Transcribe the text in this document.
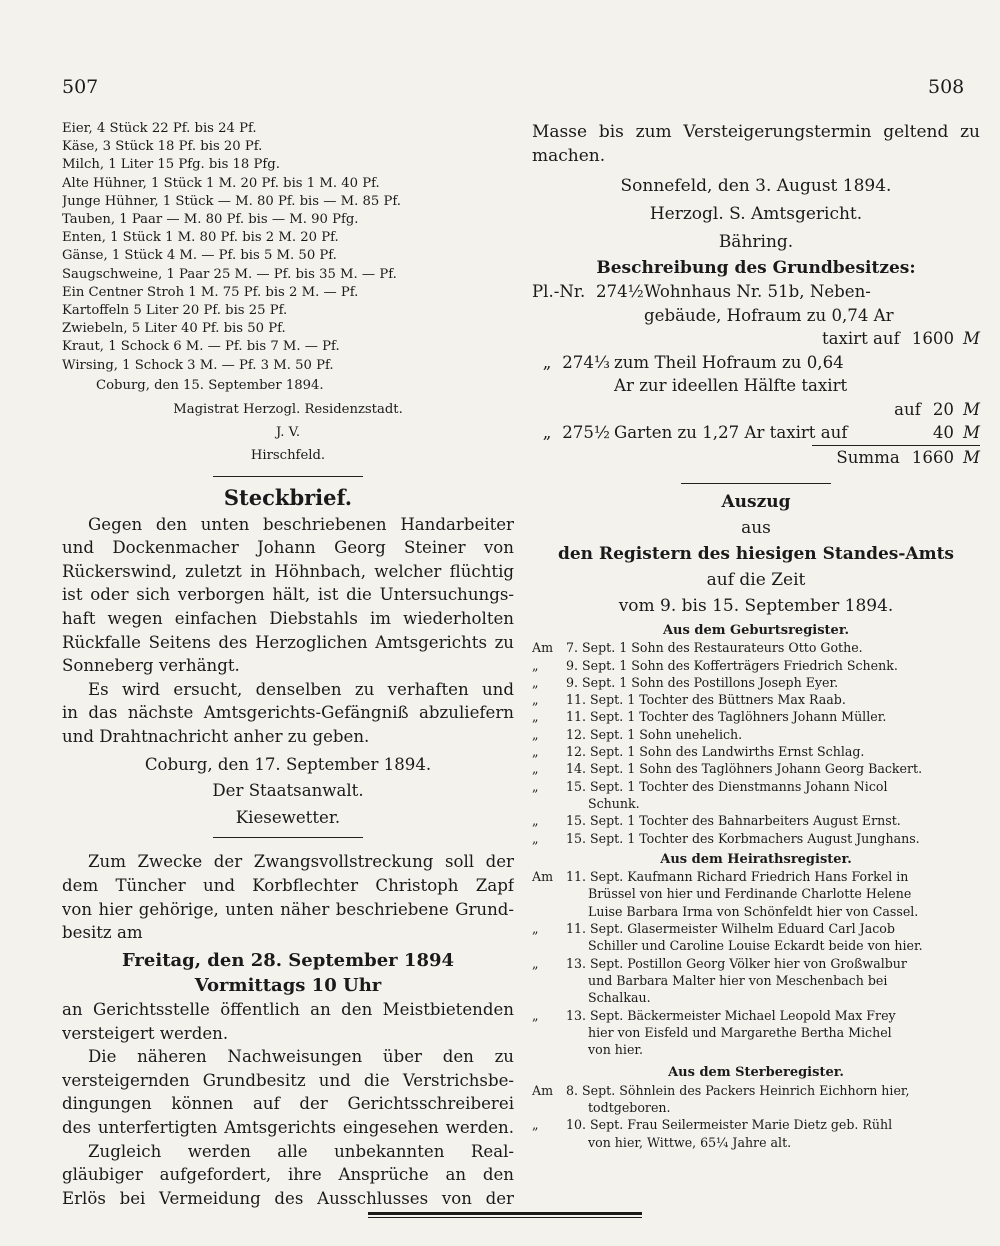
507	508
Eier, 4 Stück 22 Pf. bis 24 Pf.
Käse, 3 Stück 18 Pf. bis 20 Pf.
Milch, 1 Liter 15 Pfg. bis 18 Pfg.
Alte Hühner, 1 Stück 1 M. 20 Pf. bis 1 M. 40 Pf.
Junge Hühner, 1 Stück — M. 80 Pf. bis — M. 85 Pf.
Tauben, 1 Paar — M. 80 Pf. bis — M. 90 Pfg.
Enten, 1 Stück 1 M. 80 Pf. bis 2 M. 20 Pf.
Gänse, 1 Stück 4 M. — Pf. bis 5 M. 50 Pf.
Saugschweine, 1 Paar 25 M. — Pf. bis 35 M. — Pf.
Ein Centner Stroh 1 M. 75 Pf. bis 2 M. — Pf.
Kartoffeln 5 Liter 20 Pf. bis 25 Pf.
Zwiebeln, 5 Liter 40 Pf. bis 50 Pf.
Kraut, 1 Schock 6 M. — Pf. bis 7 M. — Pf.
Wirsing, 1 Schock 3 M. — Pf. 3 M. 50 Pf.
Coburg, den 15. September 1894.
Magistrat Herzogl. Residenzstadt.
J. V.
Hirschfeld.
Steckbrief.
Gegen den unten beschriebenen Handarbeiter
und Dockenmacher Johann Georg Steiner von
Rückerswind, zuletzt in Höhnbach, welcher flüchtig
ist oder sich verborgen hält, ist die Untersuchungs-
haft wegen einfachen Diebstahls im wiederholten
Rückfalle Seitens des Herzoglichen Amtsgerichts zu
Sonneberg verhängt.
Es wird ersucht, denselben zu verhaften und
in das nächste Amtsgerichts-Gefängniß abzuliefern
und Drahtnachricht anher zu geben.
Coburg, den 17. September 1894.
Der Staatsanwalt.
Kiesewetter.
Zum Zwecke der Zwangsvollstreckung soll der
dem Tüncher und Korbflechter Christoph Zapf
von hier gehörige, unten näher beschriebene Grund-
besitz am
Freitag, den 28. September 1894
Vormittags 10 Uhr
an Gerichtsstelle öffentlich an den Meistbietenden
versteigert werden.
Die näheren Nachweisungen über den zu
versteigernden Grundbesitz und die Verstrichsbe-
dingungen können auf der Gerichtsschreiberei
des unterfertigten Amtsgerichts eingesehen werden.
Zugleich werden alle unbekannten Real-
gläubiger aufgefordert, ihre Ansprüche an den
Erlös bei Vermeidung des Ausschlusses von der
Masse bis zum Versteigerungstermin geltend zu
machen.
Sonnefeld, den 3. August 1894.
Herzogl. S. Amtsgericht.
Bähring.
Beschreibung des Grundbesitzes:
Pl.-Nr. 274½ Wohnhaus Nr. 51b, Neben-
gebäude, Hofraum zu 0,74 Ar
taxirt auf 1600 M
„ 274⅓ zum Theil Hofraum zu 0,64
Ar zur ideellen Hälfte taxirt
auf 20 M
„ 275½ Garten zu 1,27 Ar taxirt auf	40 M
Summa 1660 M
Auszug
aus
den Registern des hiesigen Standes-Amts
auf die Zeit
vom 9. bis 15. September 1894.
Aus dem Geburtsregister.
Am	7. Sept. 1 Sohn des Restaurateurs Otto Gothe.
„	9. Sept. 1 Sohn des Kofferträgers Friedrich Schenk.
„	9. Sept. 1 Sohn des Postillons Joseph Eyer.
„	11. Sept. 1 Tochter des Büttners Max Raab.
„	11. Sept. 1 Tochter des Taglöhners Johann Müller.
„	12. Sept. 1 Sohn unehelich.
„	12. Sept. 1 Sohn des Landwirths Ernst Schlag.
„	14. Sept. 1 Sohn des Taglöhners Johann Georg Backert.
„	15. Sept. 1 Tochter des Dienstmanns Johann Nicol
Schunk.
„	15. Sept. 1 Tochter des Bahnarbeiters August Ernst.
„	15. Sept. 1 Tochter des Korbmachers August Junghans.
Aus dem Heirathsregister.
Am	11. Sept. Kaufmann Richard Friedrich Hans Forkel in
Brüssel von hier und Ferdinande Charlotte Helene
Luise Barbara Irma von Schönfeldt hier von Cassel.
„	11. Sept. Glasermeister Wilhelm Eduard Carl Jacob
Schiller und Caroline Louise Eckardt beide von hier.
„	13. Sept. Postillon Georg Völker hier von Großwalbur
und Barbara Malter hier von Meschenbach bei
Schalkau.
„	13. Sept. Bäckermeister Michael Leopold Max Frey
hier von Eisfeld und Margarethe Bertha Michel
von hier.
Aus dem Sterberegister.
Am	8. Sept. Söhnlein des Packers Heinrich Eichhorn hier,
todtgeboren.
„	10. Sept. Frau Seilermeister Marie Dietz geb. Rühl
von hier, Wittwe, 65¼ Jahre alt.
